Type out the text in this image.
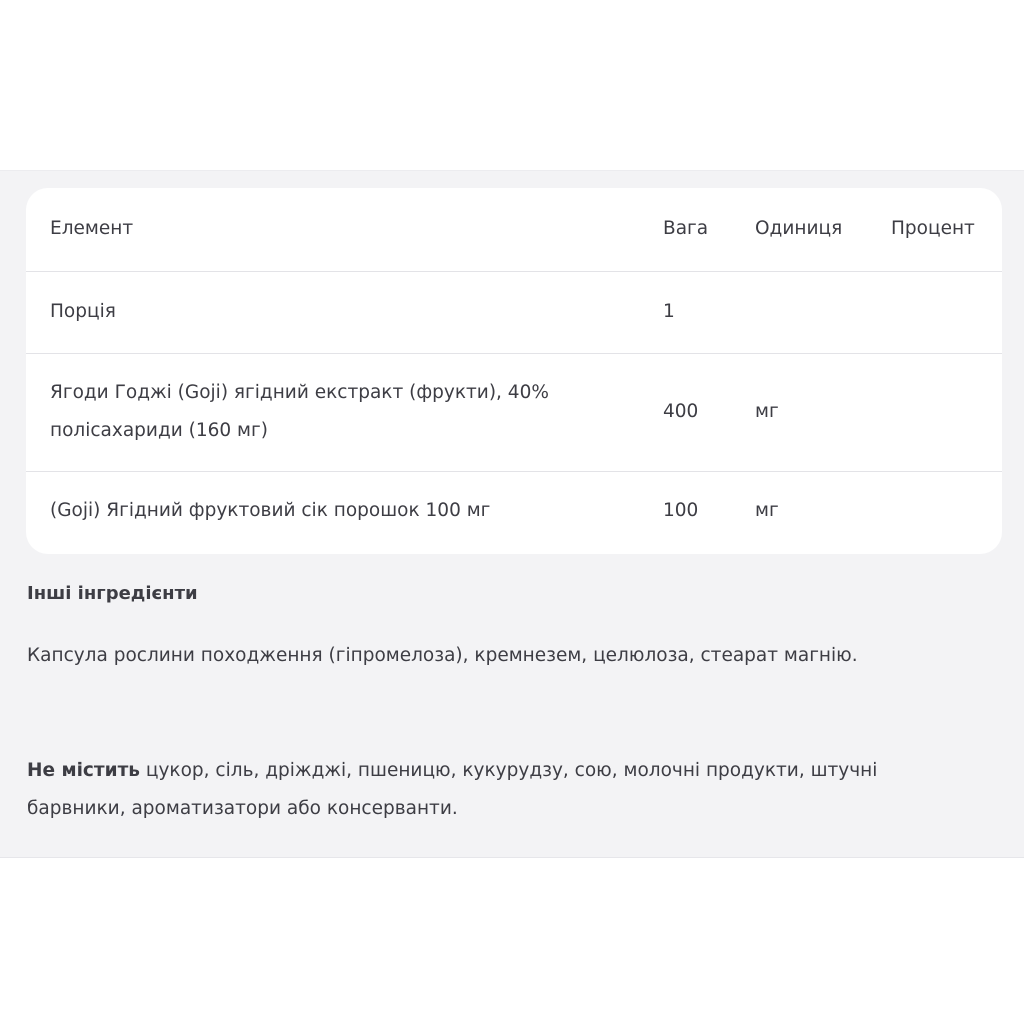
Елемент	Вага	Одиниця	Процент
Порція	1		
Ягоди Годжі (Goji) ягідний екстракт (фрукти), 40% полісахариди (160 мг)	400	мг	
(Goji) Ягідний фруктовий сік порошок 100 мг	100	мг	
Інші інгредієнти
Капсула рослини походження (гіпромелоза), кремнезем, целюлоза, стеарат магнію.
Не містить цукор, сіль, дріжджі, пшеницю, кукурудзу, сою, молочні продукти, штучні барвники, ароматизатори або консерванти.
